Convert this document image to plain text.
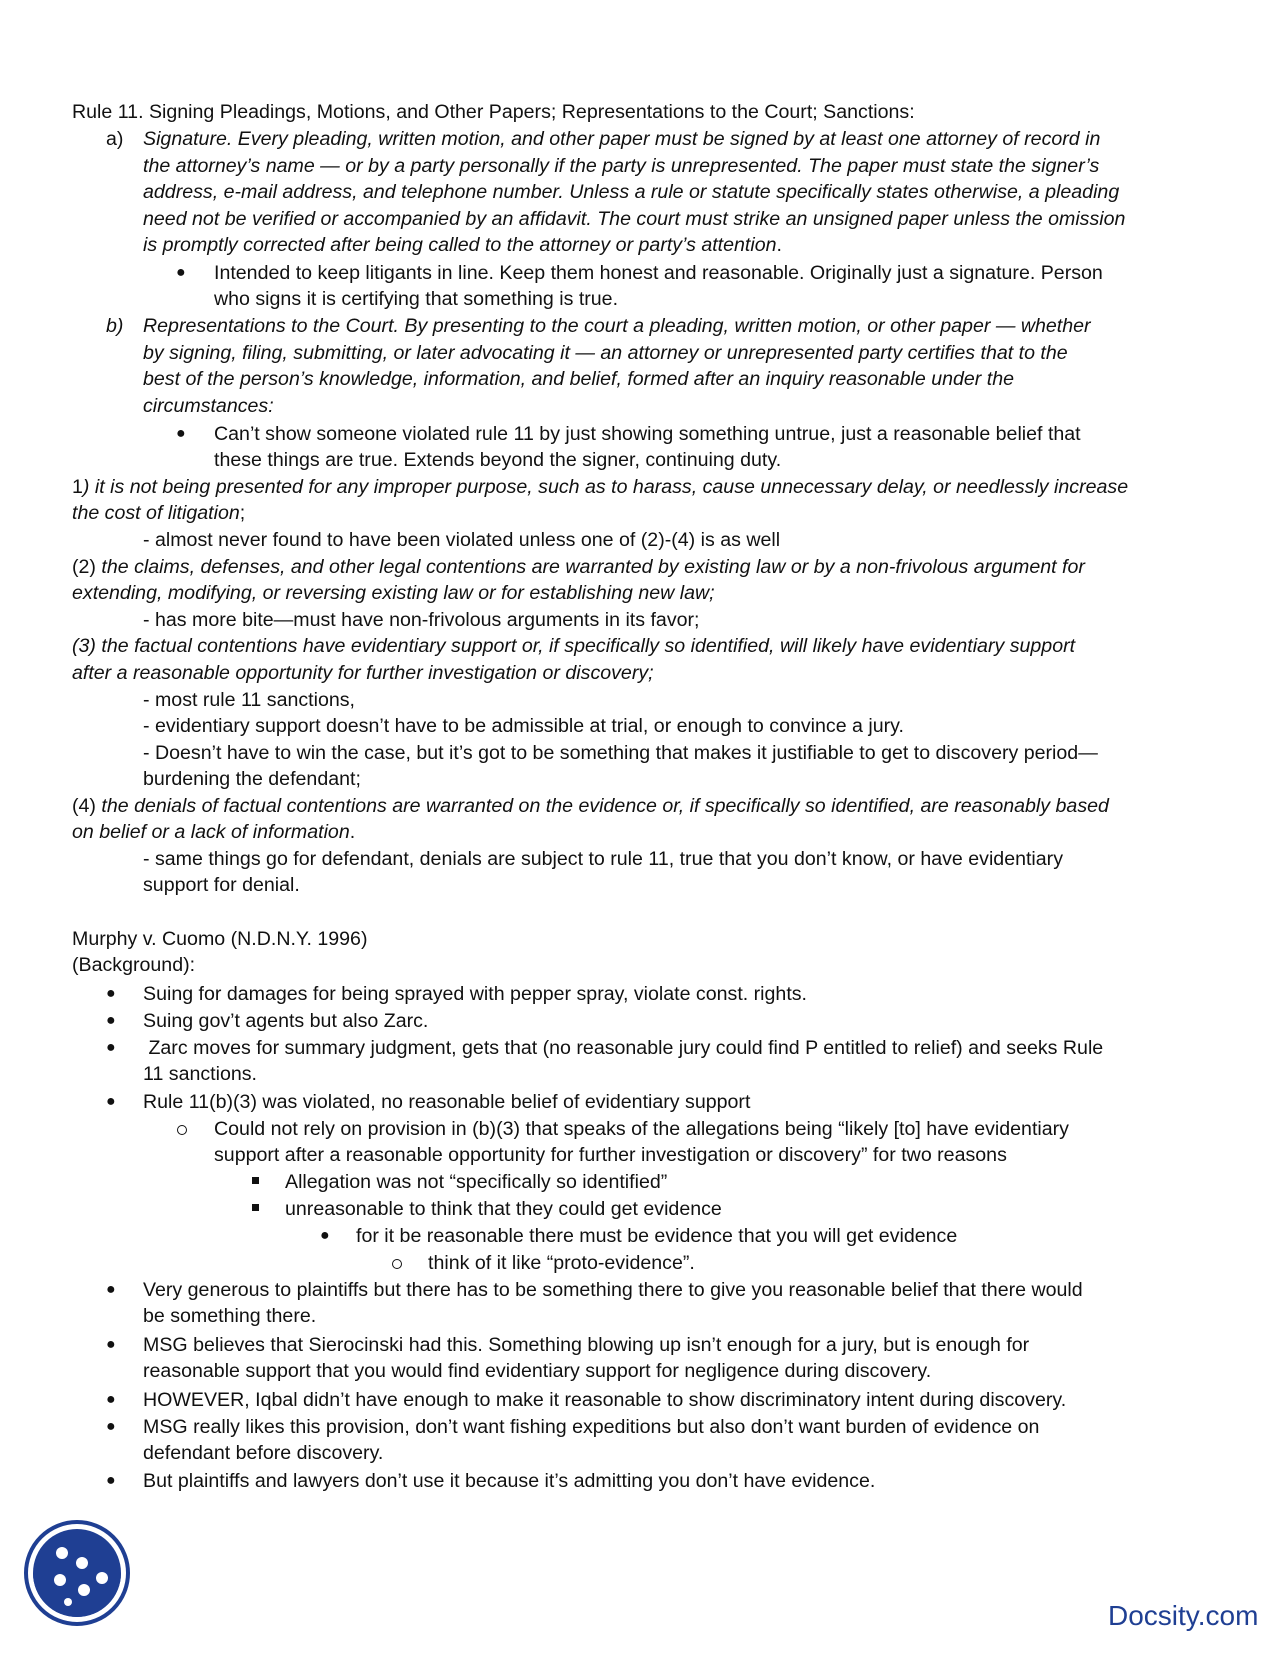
Rule 11. Signing Pleadings, Motions, and Other Papers; Representations to the Court; Sanctions:
a) Signature. Every pleading, written motion, and other paper must be signed by at least one attorney of record in
the attorney’s name — or by a party personally if the party is unrepresented. The paper must state the signer’s
address, e-mail address, and telephone number. Unless a rule or statute specifically states otherwise, a pleading
need not be verified or accompanied by an affidavit. The court must strike an unsigned paper unless the omission
is promptly corrected after being called to the attorney or party’s attention.
● Intended to keep litigants in line. Keep them honest and reasonable. Originally just a signature. Person
who signs it is certifying that something is true.
b) Representations to the Court. By presenting to the court a pleading, written motion, or other paper — whether
by signing, filing, submitting, or later advocating it — an attorney or unrepresented party certifies that to the
best of the person’s knowledge, information, and belief, formed after an inquiry reasonable under the
circumstances:
● Can’t show someone violated rule 11 by just showing something untrue, just a reasonable belief that
these things are true. Extends beyond the signer, continuing duty.
1) it is not being presented for any improper purpose, such as to harass, cause unnecessary delay, or needlessly increase
the cost of litigation;
- almost never found to have been violated unless one of (2)-(4) is as well
(2) the claims, defenses, and other legal contentions are warranted by existing law or by a non-frivolous argument for
extending, modifying, or reversing existing law or for establishing new law;
- has more bite—must have non-frivolous arguments in its favor;
(3) the factual contentions have evidentiary support or, if specifically so identified, will likely have evidentiary support
after a reasonable opportunity for further investigation or discovery;
- most rule 11 sanctions,
- evidentiary support doesn’t have to be admissible at trial, or enough to convince a jury.
- Doesn’t have to win the case, but it’s got to be something that makes it justifiable to get to discovery period—
burdening the defendant;
(4) the denials of factual contentions are warranted on the evidence or, if specifically so identified, are reasonably based
on belief or a lack of information.
- same things go for defendant, denials are subject to rule 11, true that you don’t know, or have evidentiary
support for denial.
Murphy v. Cuomo (N.D.N.Y. 1996)
(Background):
● Suing for damages for being sprayed with pepper spray, violate const. rights.
● Suing gov’t agents but also Zarc.
● Zarc moves for summary judgment, gets that (no reasonable jury could find P entitled to relief) and seeks Rule
11 sanctions.
● Rule 11(b)(3) was violated, no reasonable belief of evidentiary support
Could not rely on provision in (b)(3) that speaks of the allegations being “likely [to] have evidentiary
support after a reasonable opportunity for further investigation or discovery” for two reasons
Allegation was not “specifically so identified”
unreasonable to think that they could get evidence
● for it be reasonable there must be evidence that you will get evidence
think of it like “proto-evidence”.
● Very generous to plaintiffs but there has to be something there to give you reasonable belief that there would
be something there.
● MSG believes that Sierocinski had this. Something blowing up isn’t enough for a jury, but is enough for
reasonable support that you would find evidentiary support for negligence during discovery.
● HOWEVER, Iqbal didn’t have enough to make it reasonable to show discriminatory intent during discovery.
● MSG really likes this provision, don’t want fishing expeditions but also don’t want burden of evidence on
defendant before discovery.
● But plaintiffs and lawyers don’t use it because it’s admitting you don’t have evidence.
Docsity.com
